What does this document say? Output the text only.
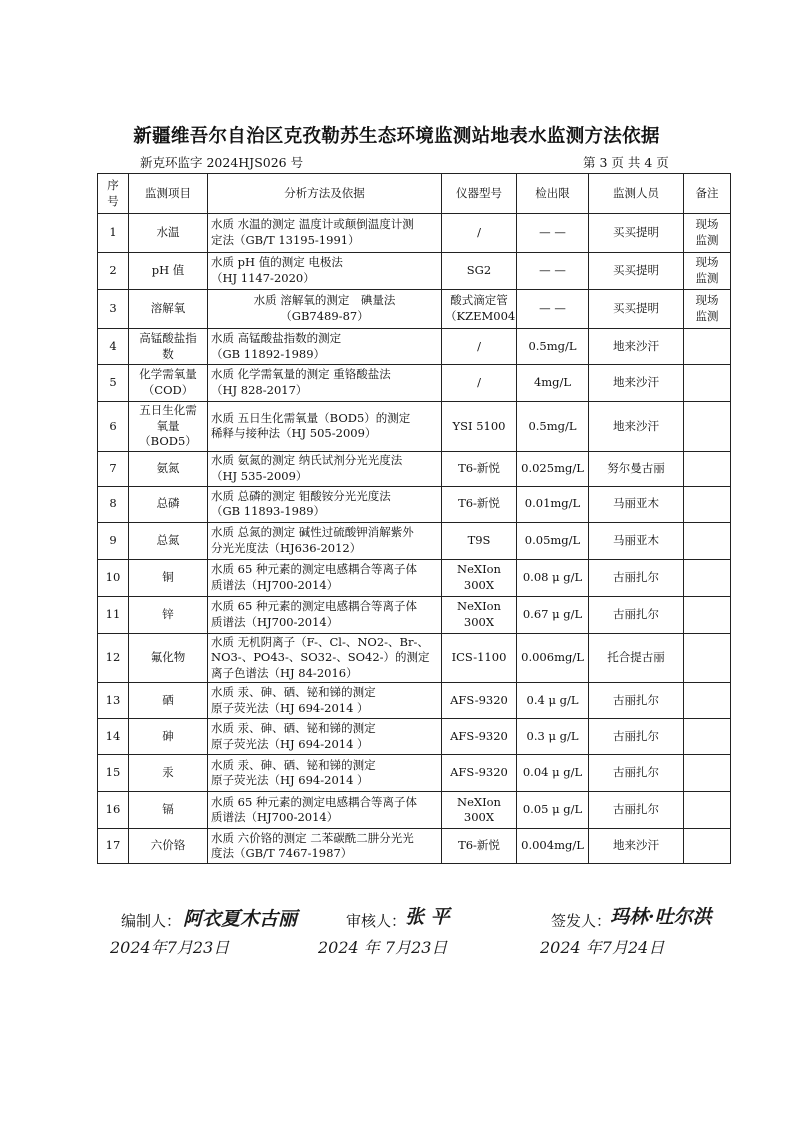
新疆维吾尔自治区克孜勒苏生态环境监测站地表水监测方法依据
新克环监字 2024HJS026 号	第 3 页 共 4 页
序
号	监测项目	分析方法及依据	仪器型号	检出限	监测人员	备注
1	水温	水质 水温的测定 温度计或颠倒温度计测
定法（GB/T 13195-1991）	/	— —	买买提明	现场
监测
2	pH 值	水质 pH 值的测定 电极法
（HJ 1147-2020）	SG2	— —	买买提明	现场
监测
3	溶解氧	水质 溶解氧的测定　碘量法
（GB7489-87）	酸式滴定管
（KZEM004	— —	买买提明	现场
监测
4	高锰酸盐指
数	水质 高锰酸盐指数的测定
（GB 11892-1989）	/	0.5mg/L	地来沙汗	
5	化学需氧量
（COD）	水质 化学需氧量的测定 重铬酸盐法
（HJ 828-2017）	/	4mg/L	地来沙汗	
6	五日生化需
氧量
（BOD5）	水质 五日生化需氧量（BOD5）的测定
稀释与接种法（HJ 505-2009）	YSI 5100	0.5mg/L	地来沙汗	
7	氨氮	水质 氨氮的测定 纳氏试剂分光光度法
（HJ 535-2009）	T6-新悦	0.025mg/L	努尔曼古丽	
8	总磷	水质 总磷的测定 钼酸铵分光光度法
（GB 11893-1989）	T6-新悦	0.01mg/L	马丽亚木	
9	总氮	水质 总氮的测定 碱性过硫酸钾消解紫外
分光光度法（HJ636-2012）	T9S	0.05mg/L	马丽亚木	
10	铜	水质 65 种元素的测定电感耦合等离子体
质谱法（HJ700-2014）	NeXIon
300X	0.08 μ g/L	古丽扎尔	
11	锌	水质 65 种元素的测定电感耦合等离子体
质谱法（HJ700-2014）	NeXIon
300X	0.67 μ g/L	古丽扎尔	
12	氟化物	水质 无机阴离子（F-、Cl-、NO2-、Br-、
NO3-、PO43-、SO32-、SO42-）的测定
离子色谱法（HJ 84-2016）	ICS-1100	0.006mg/L	托合提古丽	
13	硒	水质 汞、砷、硒、铋和锑的测定
原子荧光法（HJ 694-2014 ）	AFS-9320	0.4 μ g/L	古丽扎尔	
14	砷	水质 汞、砷、硒、铋和锑的测定
原子荧光法（HJ 694-2014 ）	AFS-9320	0.3 μ g/L	古丽扎尔	
15	汞	水质 汞、砷、硒、铋和锑的测定
原子荧光法（HJ 694-2014 ）	AFS-9320	0.04 μ g/L	古丽扎尔	
16	镉	水质 65 种元素的测定电感耦合等离子体
质谱法（HJ700-2014）	NeXIon
300X	0.05 μ g/L	古丽扎尔	
17	六价铬	水质 六价铬的测定 二苯碳酰二肼分光光
度法（GB/T 7467-1987）	T6-新悦	0.004mg/L	地来沙汗	
编制人： 阿衣夏木古丽
2024年7月23日
审核人：
张 平
2024 年 7月23日
签发人：
玛林·吐尔洪
2024 年7月24日
